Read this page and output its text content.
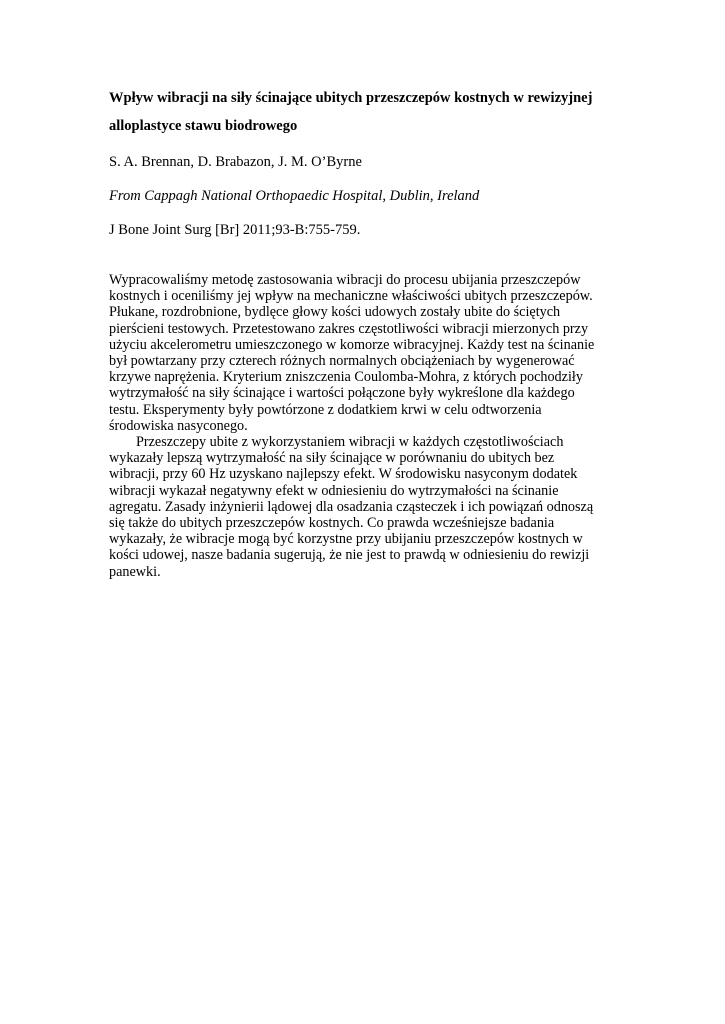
Wpływ wibracji na siły ścinające ubitych przeszczepów kostnych w rewizyjnej
alloplastyce stawu biodrowego

S. A. Brennan, D. Brabazon, J. M. O’Byrne

From Cappagh National Orthopaedic Hospital, Dublin, Ireland

J Bone Joint Surg [Br] 2011;93-B:755-759.

Wypracowaliśmy metodę zastosowania wibracji do procesu ubijania przeszczepów
kostnych i oceniliśmy jej wpływ na mechaniczne właściwości ubitych przeszczepów.
Płukane, rozdrobnione, bydlęce głowy kości udowych zostały ubite do ściętych
pierścieni testowych. Przetestowano zakres częstotliwości wibracji mierzonych przy
użyciu akcelerometru umieszczonego w komorze wibracyjnej. Każdy test na ścinanie
był powtarzany przy czterech różnych normalnych obciążeniach by wygenerować
krzywe naprężenia. Kryterium zniszczenia Coulomba-Mohra, z których pochodziły
wytrzymałość na siły ścinające i wartości połączone były wykreślone dla każdego
testu. Eksperymenty były powtórzone z dodatkiem krwi w celu odtworzenia
środowiska nasyconego.
Przeszczepy ubite z wykorzystaniem wibracji w każdych częstotliwościach
wykazały lepszą wytrzymałość na siły ścinające w porównaniu do ubitych bez
wibracji, przy 60 Hz uzyskano najlepszy efekt. W środowisku nasyconym dodatek
wibracji wykazał negatywny efekt w odniesieniu do wytrzymałości na ścinanie
agregatu. Zasady inżynierii lądowej dla osadzania cząsteczek i ich powiązań odnoszą
się także do ubitych przeszczepów kostnych. Co prawda wcześniejsze badania
wykazały, że wibracje mogą być korzystne przy ubijaniu przeszczepów kostnych w
kości udowej, nasze badania sugerują, że nie jest to prawdą w odniesieniu do rewizji
panewki.
